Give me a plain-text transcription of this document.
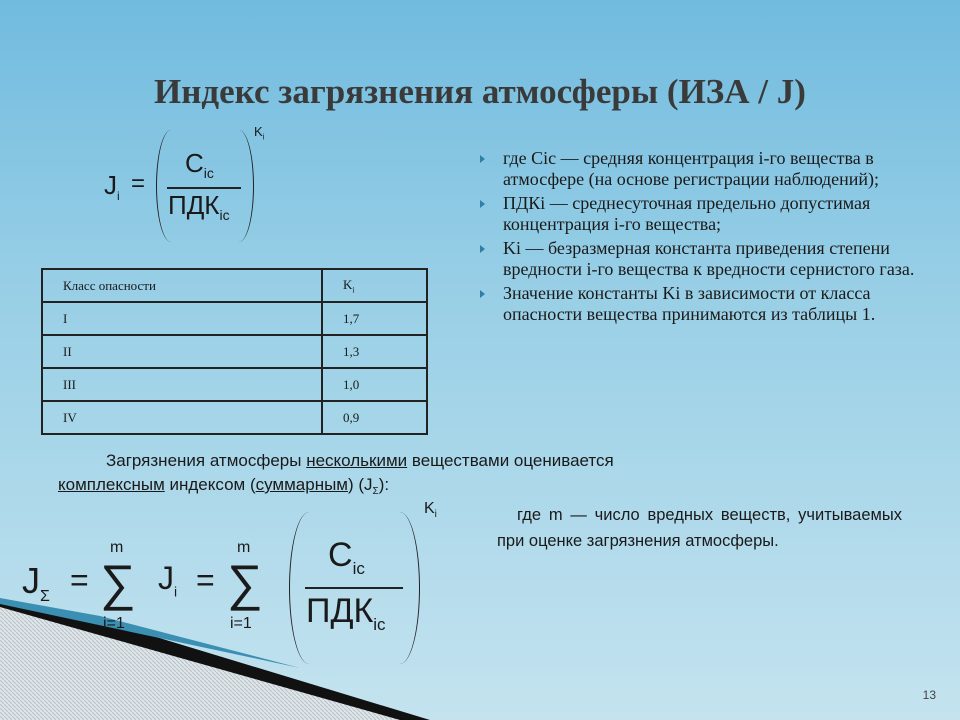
Индекс загрязнения атмосферы (ИЗА / J)
$J_i$ =
$C_{ic}$
$ПДК_{ic}$
$K_i$
Класс опасности	$K_i$
I	1,7
II	1,3
III	1,0
IV	0,9
где Cic — средняя концентрация i-го вещества в атмосфере (на основе регистрации наблюдений);
ПДКi — среднесуточная предельно допустимая концентрация i-го вещества;
Ki — безразмерная константа приведения степени вредности i-го вещества к вредности сернистого газа.
Значение константы Ki в зависимости от класса опасности вещества принимаются из таблицы 1.
Загрязнения атмосферы несколькими веществами оценивается
комплексным индексом (суммарным) $(J_\Sigma)$:
где m — число вредных веществ, учитываемых при оценке загрязнения атмосферы.
$J_\Sigma$ =
m
∑
i=1
$J_i$ =
m
∑
i=1
$C_{ic}$
$ПДК_{ic}$
$K_i$
13
